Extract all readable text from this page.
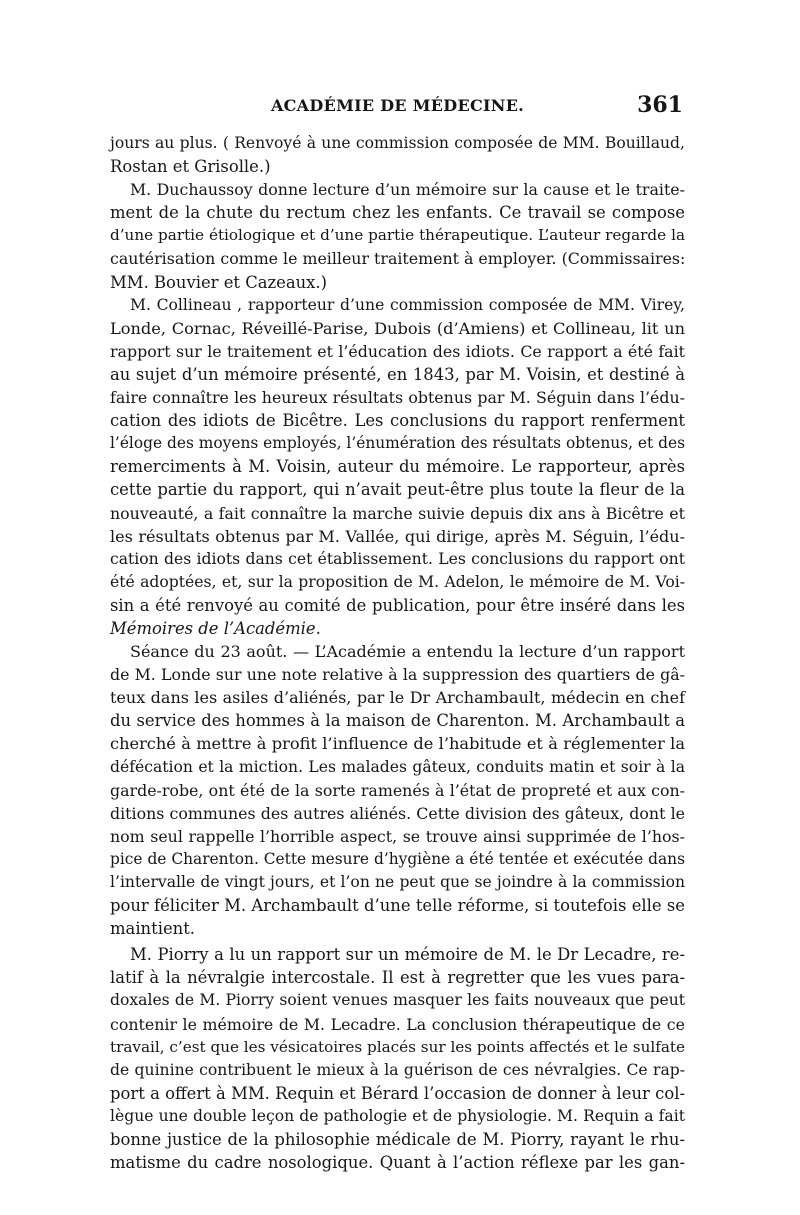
ACADÉMIE DE MÉDECINE.	361
jours au plus. ( Renvoyé à une commission composée de MM. Bouillaud,
Rostan et Grisolle.)
M. Duchaussoy donne lecture d’un mémoire sur la cause et le traite-
ment de la chute du rectum chez les enfants. Ce travail se compose
d’une partie étiologique et d’une partie thérapeutique. L’auteur regarde la
cautérisation comme le meilleur traitement à employer. (Commissaires:
MM. Bouvier et Cazeaux.)
M. Collineau , rapporteur d’une commission composée de MM. Virey,
Londe, Cornac, Réveillé-Parise, Dubois (d’Amiens) et Collineau, lit un
rapport sur le traitement et l’éducation des idiots. Ce rapport a été fait
au sujet d’un mémoire présenté, en 1843, par M. Voisin, et destiné à
faire connaître les heureux résultats obtenus par M. Séguin dans l’édu-
cation des idiots de Bicêtre. Les conclusions du rapport renferment
l’éloge des moyens employés, l’énumération des résultats obtenus, et des
remerciments à M. Voisin, auteur du mémoire. Le rapporteur, après
cette partie du rapport, qui n’avait peut-être plus toute la fleur de la
nouveauté, a fait connaître la marche suivie depuis dix ans à Bicêtre et
les résultats obtenus par M. Vallée, qui dirige, après M. Séguin, l’édu-
cation des idiots dans cet établissement. Les conclusions du rapport ont
été adoptées, et, sur la proposition de M. Adelon, le mémoire de M. Voi-
sin a été renvoyé au comité de publication, pour être inséré dans les
Mémoires de l’Académie.
Séance du 23 août. — L’Académie a entendu la lecture d’un rapport
de M. Londe sur une note relative à la suppression des quartiers de gâ-
teux dans les asiles d’aliénés, par le Dr Archambault, médecin en chef
du service des hommes à la maison de Charenton. M. Archambault a
cherché à mettre à profit l’influence de l’habitude et à réglementer la
défécation et la miction. Les malades gâteux, conduits matin et soir à la
garde-robe, ont été de la sorte ramenés à l’état de propreté et aux con-
ditions communes des autres aliénés. Cette division des gâteux, dont le
nom seul rappelle l’horrible aspect, se trouve ainsi supprimée de l’hos-
pice de Charenton. Cette mesure d’hygiène a été tentée et exécutée dans
l’intervalle de vingt jours, et l’on ne peut que se joindre à la commission
pour féliciter M. Archambault d’une telle réforme, si toutefois elle se
maintient.
M. Piorry a lu un rapport sur un mémoire de M. le Dr Lecadre, re-
latif à la névralgie intercostale. Il est à regretter que les vues para-
doxales de M. Piorry soient venues masquer les faits nouveaux que peut
contenir le mémoire de M. Lecadre. La conclusion thérapeutique de ce
travail, c’est que les vésicatoires placés sur les points affectés et le sulfate
de quinine contribuent le mieux à la guérison de ces névralgies. Ce rap-
port a offert à MM. Requin et Bérard l’occasion de donner à leur col-
lègue une double leçon de pathologie et de physiologie. M. Requin a fait
bonne justice de la philosophie médicale de M. Piorry, rayant le rhu-
matisme du cadre nosologique. Quant à l’action réflexe par les gan-
